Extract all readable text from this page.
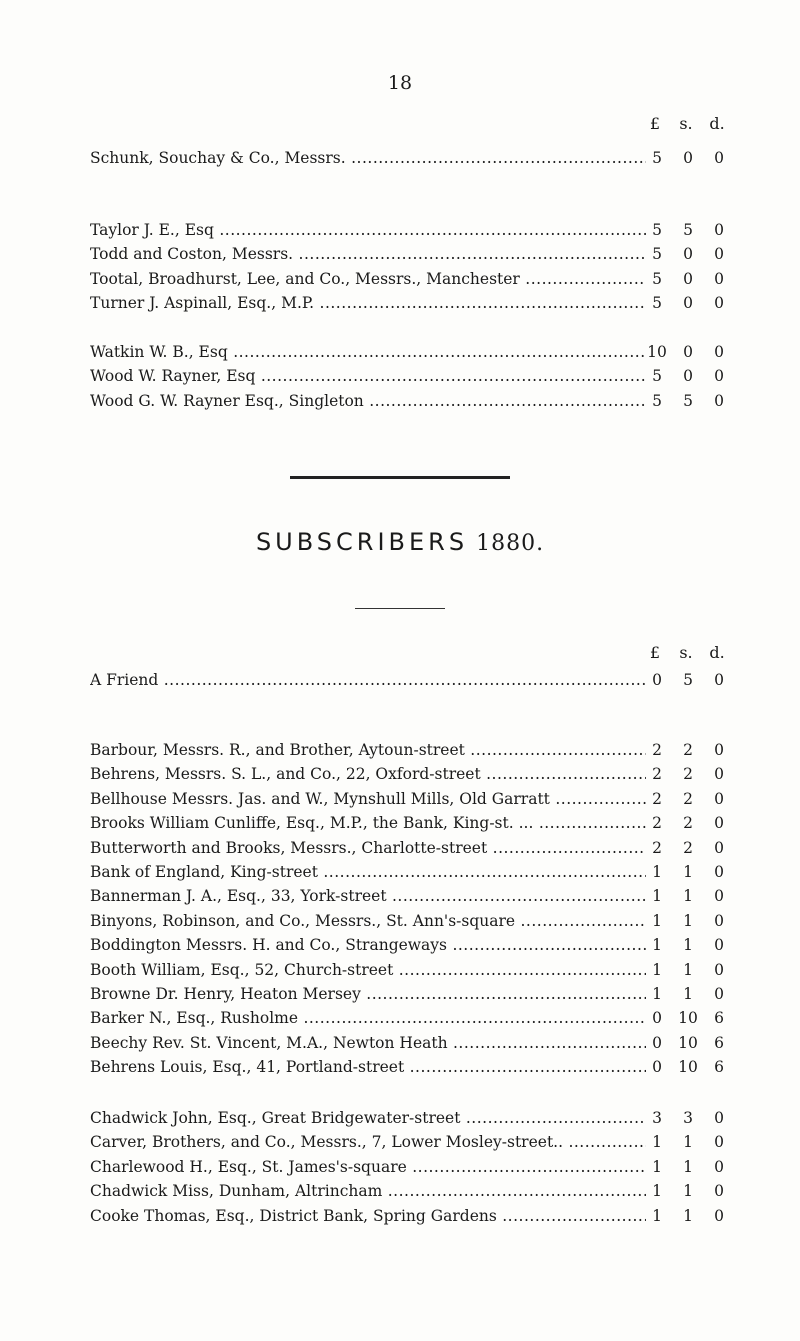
18
£	s. d.
Schunk, Souchay & Co., Messrs. .....	5	0	0
Taylor J. E., Esq .....	5	5	0
Todd and Coston, Messrs. .....	5	0	0
Tootal, Broadhurst, Lee, and Co., Messrs., Manchester .....	5	0	0
Turner J. Aspinall, Esq., M.P. .....	5	0	0
Watkin W. B., Esq .....	10	0	0
Wood W. Rayner, Esq .....	5	0	0
Wood G. W. Rayner Esq., Singleton .....	5	5	0
SUBSCRIBERS 1880.
£	s. d.
A Friend .....	0	5	0
Barbour, Messrs. R., and Brother, Aytoun-street .....	2	2	0
Behrens, Messrs. S. L., and Co., 22, Oxford-street .....	2	2	0
Bellhouse Messrs. Jas. and W., Mynshull Mills, Old Garratt .....	2	2	0
Brooks William Cunliffe, Esq., M.P., the Bank, King-st. ... .....	2	2	0
Butterworth and Brooks, Messrs., Charlotte-street .....	2	2	0
Bank of England, King-street .....	1	1	0
Bannerman J. A., Esq., 33, York-street .....	1	1	0
Binyons, Robinson, and Co., Messrs., St. Ann's-square .....	1	1	0
Boddington Messrs. H. and Co., Strangeways .....	1	1	0
Booth William, Esq., 52, Church-street .....	1	1	0
Browne Dr. Henry, Heaton Mersey .....	1	1	0
Barker N., Esq., Rusholme .....	0	10	6
Beechy Rev. St. Vincent, M.A., Newton Heath .....	0	10	6
Behrens Louis, Esq., 41, Portland-street .....	0	10	6
Chadwick John, Esq., Great Bridgewater-street .....	3	3	0
Carver, Brothers, and Co., Messrs., 7, Lower Mosley-street.. .....	1	1	0
Charlewood H., Esq., St. James's-square .....	1	1	0
Chadwick Miss, Dunham, Altrincham .....	1	1	0
Cooke Thomas, Esq., District Bank, Spring Gardens .....	1	1	0
